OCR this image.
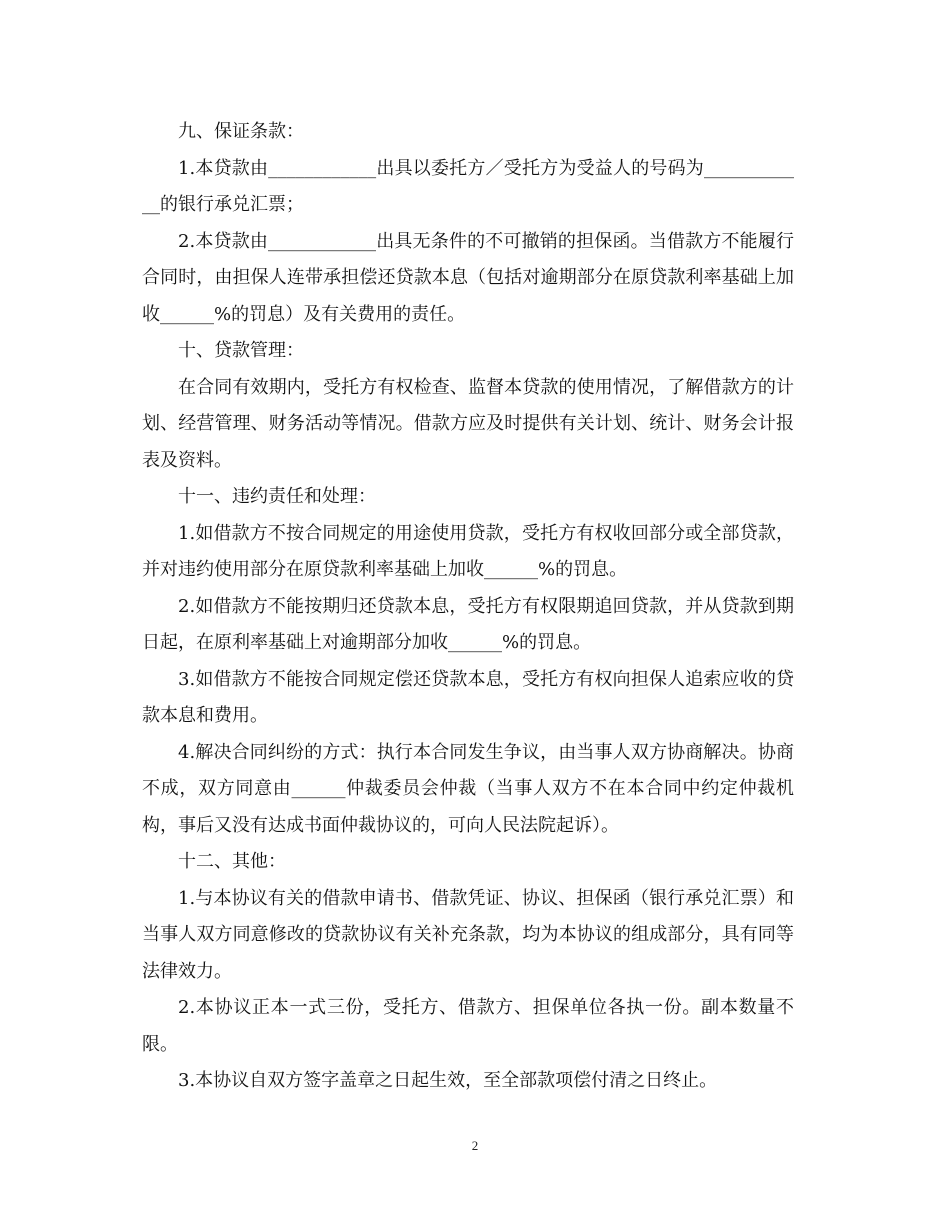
九、保证条款：

1.本贷款由____________出具以委托方／受托方为受益人的号码为____________的银行承兑汇票；

2.本贷款由____________出具无条件的不可撤销的担保函。当借款方不能履行合同时，由担保人连带承担偿还贷款本息（包括对逾期部分在原贷款利率基础上加收______%的罚息）及有关费用的责任。

十、贷款管理：

在合同有效期内，受托方有权检查、监督本贷款的使用情况，了解借款方的计划、经营管理、财务活动等情况。借款方应及时提供有关计划、统计、财务会计报表及资料。

十一、违约责任和处理：

1.如借款方不按合同规定的用途使用贷款，受托方有权收回部分或全部贷款，并对违约使用部分在原贷款利率基础上加收______%的罚息。

2.如借款方不能按期归还贷款本息，受托方有权限期追回贷款，并从贷款到期日起，在原利率基础上对逾期部分加收______%的罚息。

3.如借款方不能按合同规定偿还贷款本息，受托方有权向担保人追索应收的贷款本息和费用。

4.解决合同纠纷的方式：执行本合同发生争议，由当事人双方协商解决。协商不成，双方同意由______仲裁委员会仲裁（当事人双方不在本合同中约定仲裁机构，事后又没有达成书面仲裁协议的，可向人民法院起诉）。

十二、其他：

1.与本协议有关的借款申请书、借款凭证、协议、担保函（银行承兑汇票）和当事人双方同意修改的贷款协议有关补充条款，均为本协议的组成部分，具有同等法律效力。

2.本协议正本一式三份，受托方、借款方、担保单位各执一份。副本数量不限。

3.本协议自双方签字盖章之日起生效，至全部款项偿付清之日终止。

2
